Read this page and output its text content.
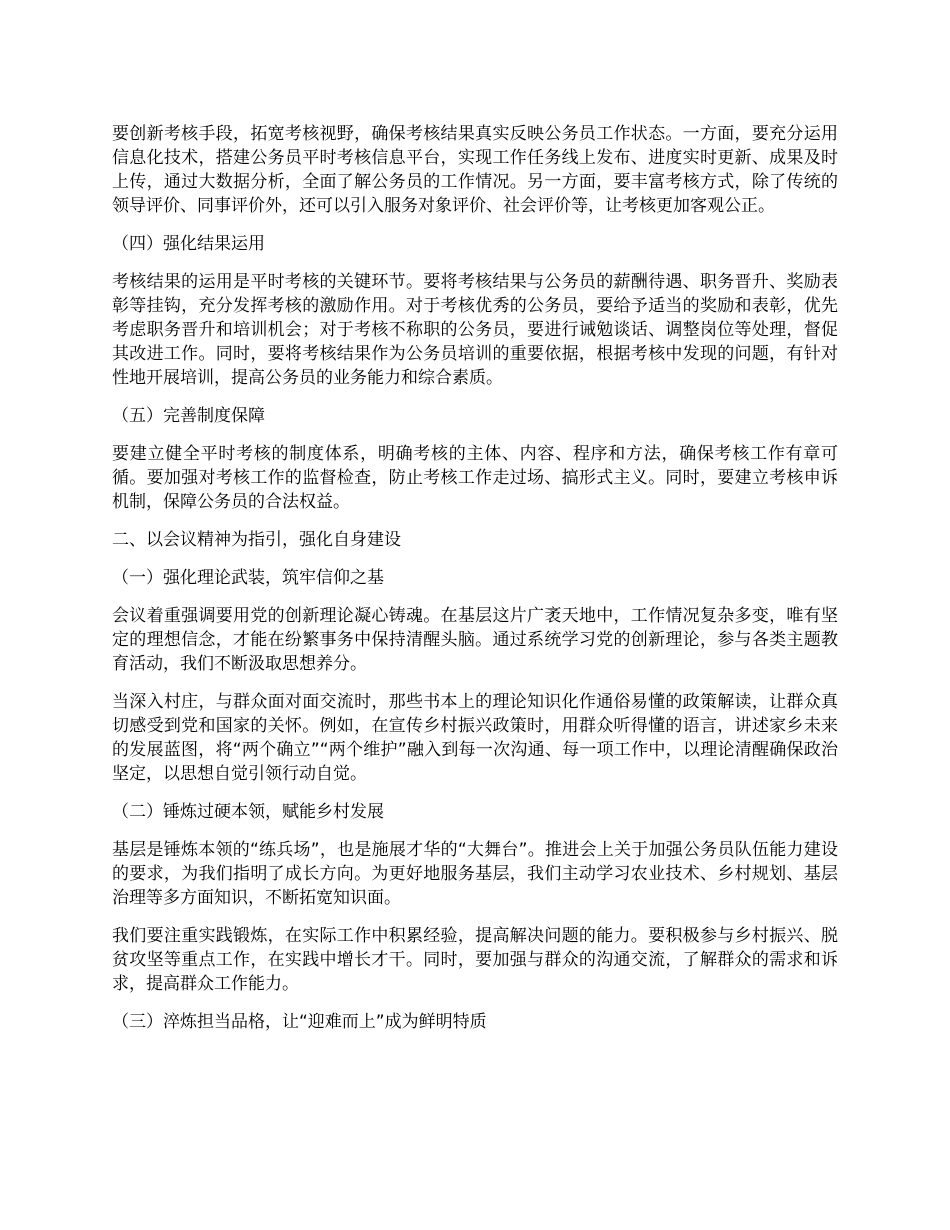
要创新考核手段，拓宽考核视野，确保考核结果真实反映公务员工作状态。一方面，要充分运用信息化技术，搭建公务员平时考核信息平台，实现工作任务线上发布、进度实时更新、成果及时上传，通过大数据分析，全面了解公务员的工作情况。另一方面，要丰富考核方式，除了传统的领导评价、同事评价外，还可以引入服务对象评价、社会评价等，让考核更加客观公正。

（四）强化结果运用

考核结果的运用是平时考核的关键环节。要将考核结果与公务员的薪酬待遇、职务晋升、奖励表彰等挂钩，充分发挥考核的激励作用。对于考核优秀的公务员，要给予适当的奖励和表彰，优先考虑职务晋升和培训机会；对于考核不称职的公务员，要进行诫勉谈话、调整岗位等处理，督促其改进工作。同时，要将考核结果作为公务员培训的重要依据，根据考核中发现的问题，有针对性地开展培训，提高公务员的业务能力和综合素质。

（五）完善制度保障

要建立健全平时考核的制度体系，明确考核的主体、内容、程序和方法，确保考核工作有章可循。要加强对考核工作的监督检查，防止考核工作走过场、搞形式主义。同时，要建立考核申诉机制，保障公务员的合法权益。

二、以会议精神为指引，强化自身建设

（一）强化理论武装，筑牢信仰之基

会议着重强调要用党的创新理论凝心铸魂。在基层这片广袤天地中，工作情况复杂多变，唯有坚定的理想信念，才能在纷繁事务中保持清醒头脑。通过系统学习党的创新理论，参与各类主题教育活动，我们不断汲取思想养分。

当深入村庄，与群众面对面交流时，那些书本上的理论知识化作通俗易懂的政策解读，让群众真切感受到党和国家的关怀。例如，在宣传乡村振兴政策时，用群众听得懂的语言，讲述家乡未来的发展蓝图，将“两个确立”“两个维护”融入到每一次沟通、每一项工作中，以理论清醒确保政治坚定，以思想自觉引领行动自觉。

（二）锤炼过硬本领，赋能乡村发展

基层是锤炼本领的“练兵场”，也是施展才华的“大舞台”。推进会上关于加强公务员队伍能力建设的要求，为我们指明了成长方向。为更好地服务基层，我们主动学习农业技术、乡村规划、基层治理等多方面知识，不断拓宽知识面。

我们要注重实践锻炼，在实际工作中积累经验，提高解决问题的能力。要积极参与乡村振兴、脱贫攻坚等重点工作，在实践中增长才干。同时，要加强与群众的沟通交流，了解群众的需求和诉求，提高群众工作能力。

（三）淬炼担当品格，让“迎难而上”成为鲜明特质
